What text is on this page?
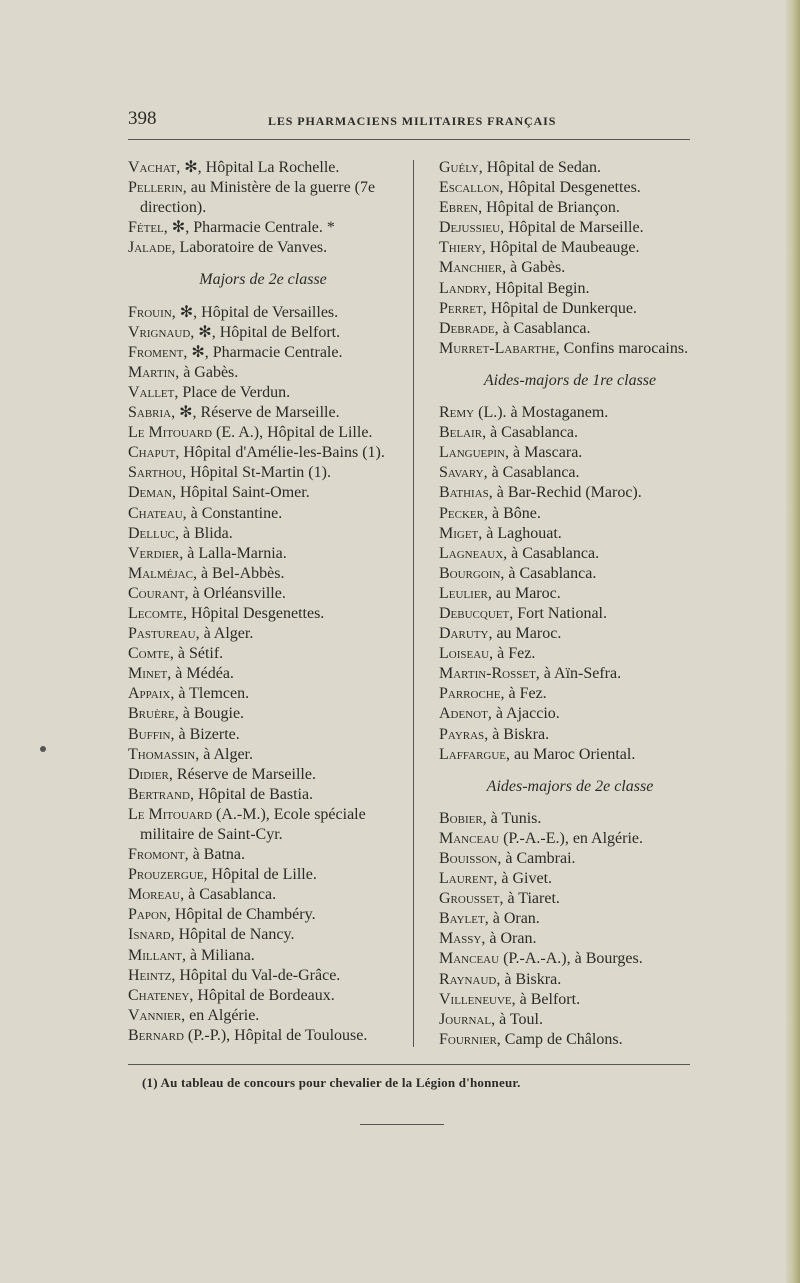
398	LES PHARMACIENS MILITAIRES FRANÇAIS
Vachat, ✻, Hôpital La Rochelle.
Pellerin, au Ministère de la guerre (7e direction).
Fétel, ✻, Pharmacie Centrale. *
Jalade, Laboratoire de Vanves.
Majors de 2e classe
Frouin, ✻, Hôpital de Versailles.
Vrignaud, ✻, Hôpital de Belfort.
Froment, ✻, Pharmacie Centrale.
Martin, à Gabès.
Vallet, Place de Verdun.
Sabria, ✻, Réserve de Marseille.
Le Mitouard (E. A.), Hôpital de Lille.
Chaput, Hôpital d'Amélie-les-Bains (1).
Sarthou, Hôpital St-Martin (1).
Deman, Hôpital Saint-Omer.
Chateau, à Constantine.
Delluc, à Blida.
Verdier, à Lalla-Marnia.
Malméjac, à Bel-Abbès.
Courant, à Orléansville.
Lecomte, Hôpital Desgenettes.
Pastureau, à Alger.
Comte, à Sétif.
Minet, à Médéa.
Appaix, à Tlemcen.
Bruère, à Bougie.
Buffin, à Bizerte.
Thomassin, à Alger.
Didier, Réserve de Marseille.
Bertrand, Hôpital de Bastia.
Le Mitouard (A.-M.), Ecole spéciale militaire de Saint-Cyr.
Fromont, à Batna.
Prouzergue, Hôpital de Lille.
Moreau, à Casablanca.
Papon, Hôpital de Chambéry.
Isnard, Hôpital de Nancy.
Millant, à Miliana.
Heintz, Hôpital du Val-de-Grâce.
Chateney, Hôpital de Bordeaux.
Vannier, en Algérie.
Bernard (P.-P.), Hôpital de Toulouse.
Guély, Hôpital de Sedan.
Escallon, Hôpital Desgenettes.
Ebren, Hôpital de Briançon.
Dejussieu, Hôpital de Marseille.
Thiery, Hôpital de Maubeauge.
Manchier, à Gabès.
Landry, Hôpital Begin.
Perret, Hôpital de Dunkerque.
Debrade, à Casablanca.
Murret-Labarthe, Confins marocains.
Aides-majors de 1re classe
Remy (L.). à Mostaganem.
Belair, à Casablanca.
Languepin, à Mascara.
Savary, à Casablanca.
Bathias, à Bar-Rechid (Maroc).
Pecker, à Bône.
Miget, à Laghouat.
Lagneaux, à Casablanca.
Bourgoin, à Casablanca.
Leulier, au Maroc.
Debucquet, Fort National.
Daruty, au Maroc.
Loiseau, à Fez.
Martin-Rosset, à Aïn-Sefra.
Parroche, à Fez.
Adenot, à Ajaccio.
Payras, à Biskra.
Laffargue, au Maroc Oriental.
Aides-majors de 2e classe
Bobier, à Tunis.
Manceau (P.-A.-E.), en Algérie.
Bouisson, à Cambrai.
Laurent, à Givet.
Grousset, à Tiaret.
Baylet, à Oran.
Massy, à Oran.
Manceau (P.-A.-A.), à Bourges.
Raynaud, à Biskra.
Villeneuve, à Belfort.
Journal, à Toul.
Fournier, Camp de Châlons.
(1) Au tableau de concours pour chevalier de la Légion d'honneur.
